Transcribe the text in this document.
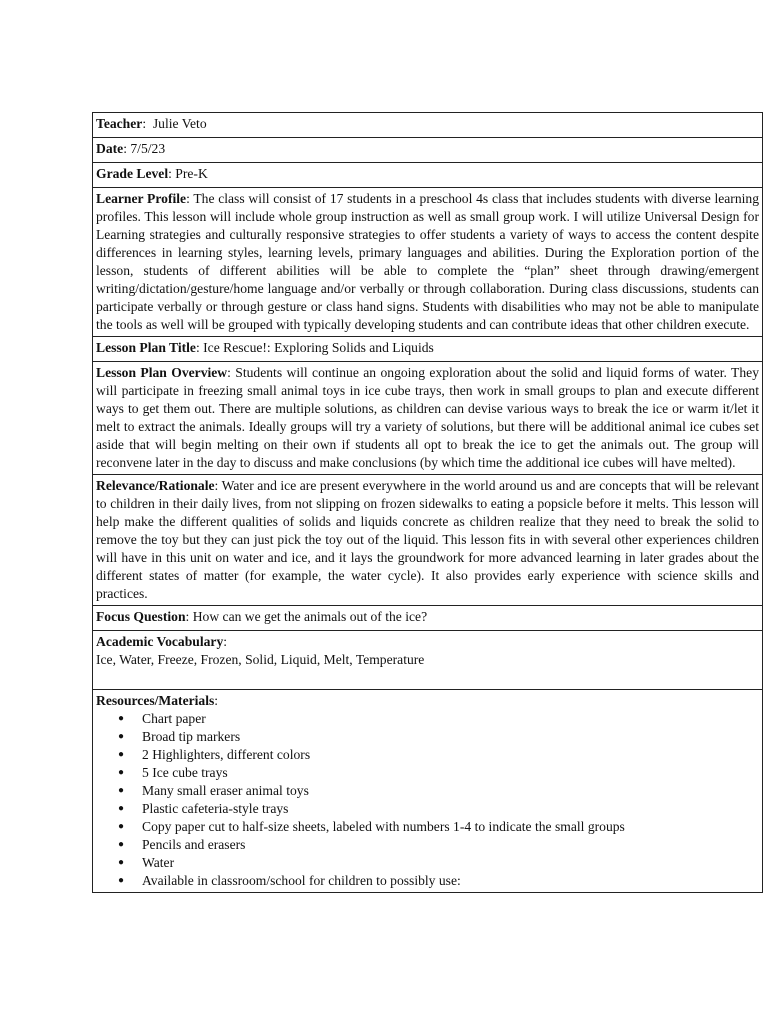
Teacher:  Julie Veto
Date: 7/5/23
Grade Level: Pre-K
Learner Profile: The class will consist of 17 students in a preschool 4s class that includes students with diverse learning profiles. This lesson will include whole group instruction as well as small group work. I will utilize Universal Design for Learning strategies and culturally responsive strategies to offer students a variety of ways to access the content despite differences in learning styles, learning levels, primary languages and abilities. During the Exploration portion of the lesson, students of different abilities will be able to complete the “plan” sheet through drawing/emergent writing/dictation/gesture/home language and/or verbally or through collaboration. During class discussions, students can participate verbally or through gesture or class hand signs. Students with disabilities who may not be able to manipulate the tools as well will be grouped with typically developing students and can contribute ideas that other children execute.
Lesson Plan Title: Ice Rescue!: Exploring Solids and Liquids
Lesson Plan Overview: Students will continue an ongoing exploration about the solid and liquid forms of water. They will participate in freezing small animal toys in ice cube trays, then work in small groups to plan and execute different ways to get them out. There are multiple solutions, as children can devise various ways to break the ice or warm it/let it melt to extract the animals. Ideally groups will try a variety of solutions, but there will be additional animal ice cubes set aside that will begin melting on their own if students all opt to break the ice to get the animals out. The group will reconvene later in the day to discuss and make conclusions (by which time the additional ice cubes will have melted).
Relevance/Rationale: Water and ice are present everywhere in the world around us and are concepts that will be relevant to children in their daily lives, from not slipping on frozen sidewalks to eating a popsicle before it melts. This lesson will help make the different qualities of solids and liquids concrete as children realize that they need to break the solid to remove the toy but they can just pick the toy out of the liquid. This lesson fits in with several other experiences children will have in this unit on water and ice, and it lays the groundwork for more advanced learning in later grades about the different states of matter (for example, the water cycle). It also provides early experience with science skills and practices.
Focus Question: How can we get the animals out of the ice?
Academic Vocabulary:
Ice, Water, Freeze, Frozen, Solid, Liquid, Melt, Temperature

Resources/Materials:
● Chart paper
● Broad tip markers
● 2 Highlighters, different colors
● 5 Ice cube trays
● Many small eraser animal toys
● Plastic cafeteria-style trays
● Copy paper cut to half-size sheets, labeled with numbers 1-4 to indicate the small groups
● Pencils and erasers
● Water
● Available in classroom/school for children to possibly use:
